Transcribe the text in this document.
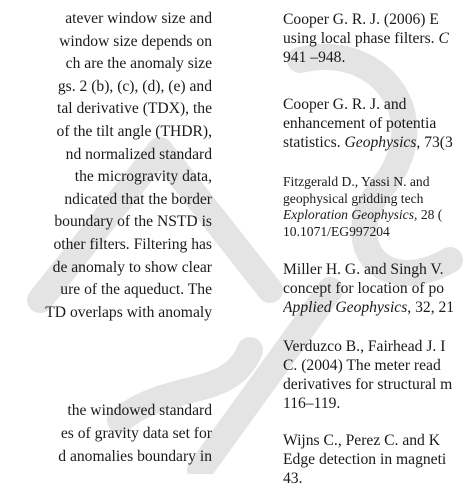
atever window size and
window size depends on
ch are the anomaly size
gs. 2 (b), (c), (d), (e) and
tal derivative (TDX), the
of the tilt angle (THDR),
nd normalized standard
the microgravity data,
ndicated that the border
boundary of the NSTD is
other filters. Filtering has
de anomaly to show clear
ure of the aqueduct. The
TD overlaps with anomaly
the windowed standard
es of gravity data set for
d anomalies boundary in
Cooper G. R. J. (2006) E
using local phase filters. C
941 –948.
Cooper G. R. J. and
enhancement of potentia
statistics. Geophysics, 73(3
Fitzgerald D., Yassi N. and
geophysical gridding tech
Exploration Geophysics, 28 (
10.1071/EG997204
Miller H. G. and Singh V.
concept for location of po
Applied Geophysics, 32, 21
Verduzco B., Fairhead J. I
C. (2004) The meter read
derivatives for structural m
116–119.
Wijns C., Perez C. and K
Edge detection in magneti
43.
